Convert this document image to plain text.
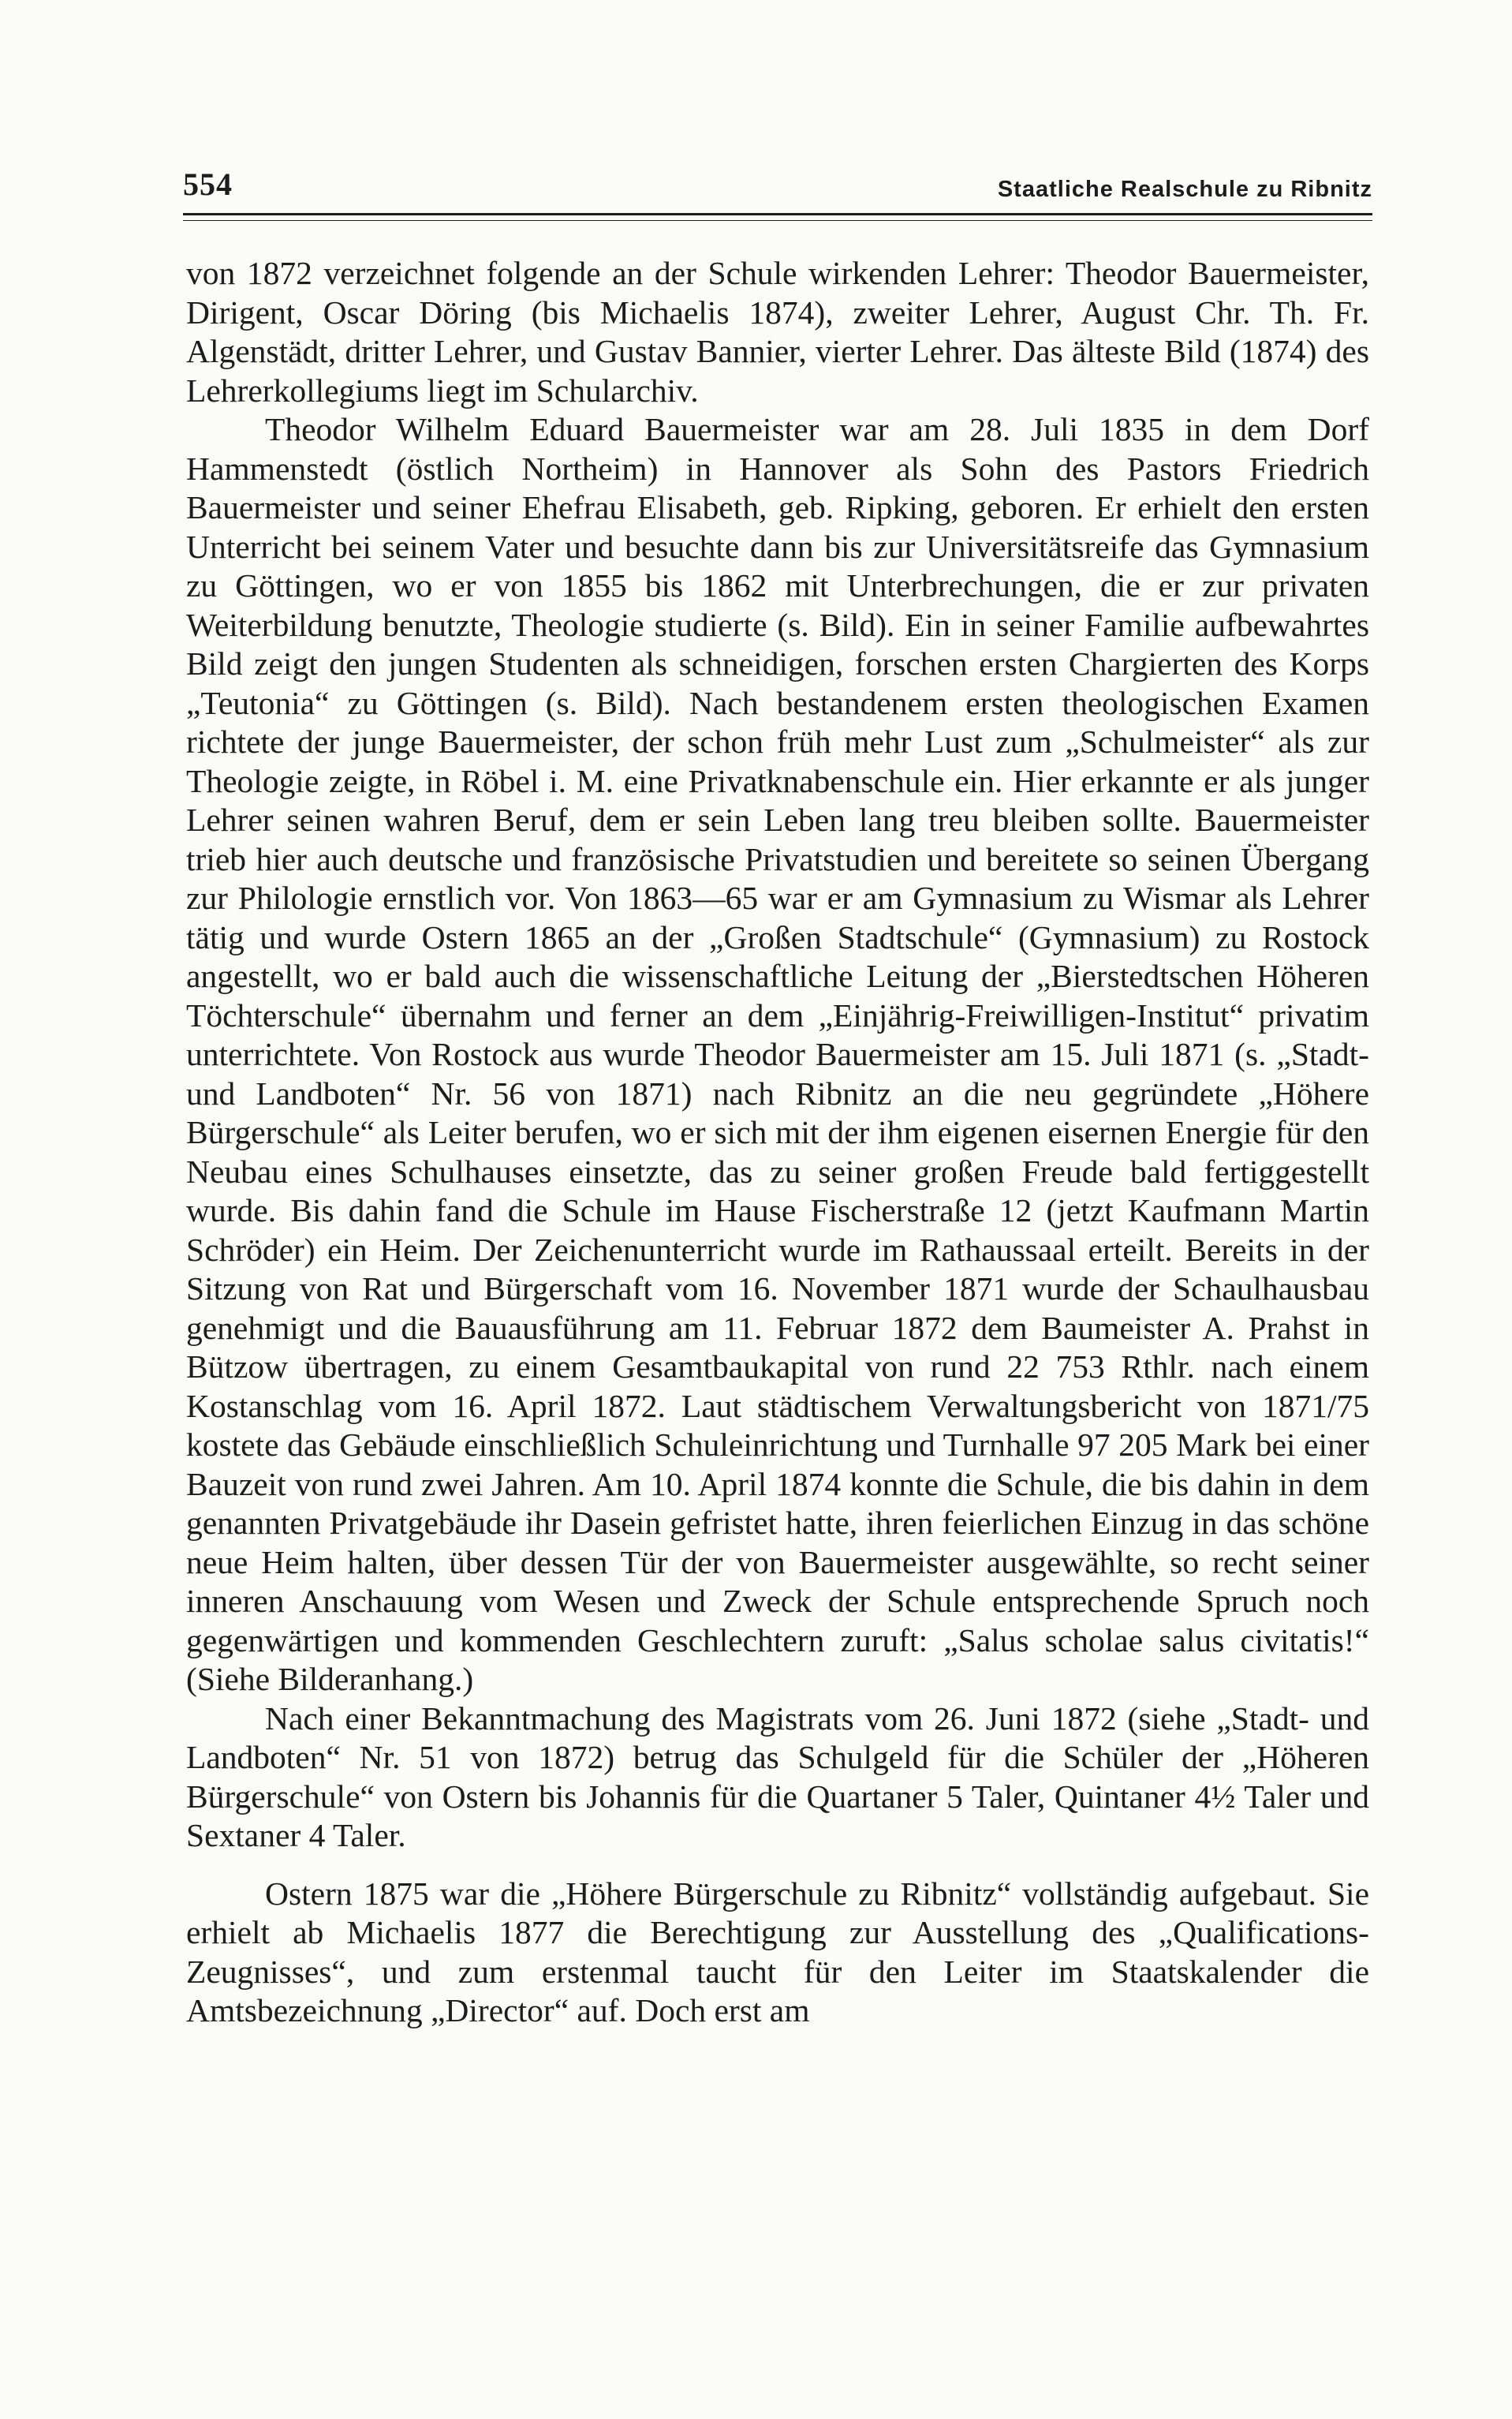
554	Staatliche Realschule zu Ribnitz

von 1872 verzeichnet folgende an der Schule wirkenden Lehrer: Theodor Bauermeister, Dirigent, Oscar Döring (bis Michaelis 1874), zweiter Lehrer, August Chr. Th. Fr. Algenstädt, dritter Lehrer, und Gustav Bannier, vierter Lehrer. Das älteste Bild (1874) des Lehrerkollegiums liegt im Schularchiv.

Theodor Wilhelm Eduard Bauermeister war am 28. Juli 1835 in dem Dorf Hammenstedt (östlich Northeim) in Hannover als Sohn des Pastors Friedrich Bauermeister und seiner Ehefrau Elisabeth, geb. Ripking, geboren. Er erhielt den ersten Unterricht bei seinem Vater und besuchte dann bis zur Universitätsreife das Gymnasium zu Göttingen, wo er von 1855 bis 1862 mit Unterbrechungen, die er zur privaten Weiterbildung benutzte, Theologie studierte (s. Bild). Ein in seiner Familie aufbewahrtes Bild zeigt den jungen Studenten als schneidigen, forschen ersten Chargierten des Korps „Teutonia“ zu Göttingen (s. Bild). Nach bestandenem ersten theologischen Examen richtete der junge Bauermeister, der schon früh mehr Lust zum „Schulmeister“ als zur Theologie zeigte, in Röbel i. M. eine Privatknabenschule ein. Hier erkannte er als junger Lehrer seinen wahren Beruf, dem er sein Leben lang treu bleiben sollte. Bauermeister trieb hier auch deutsche und französische Privatstudien und bereitete so seinen Übergang zur Philologie ernstlich vor. Von 1863—65 war er am Gymnasium zu Wismar als Lehrer tätig und wurde Ostern 1865 an der „Großen Stadtschule“ (Gymnasium) zu Rostock angestellt, wo er bald auch die wissenschaftliche Leitung der „Bierstedtschen Höheren Töchterschule“ übernahm und ferner an dem „Einjährig-Freiwilligen-Institut“ privatim unterrichtete. Von Rostock aus wurde Theodor Bauermeister am 15. Juli 1871 (s. „Stadt- und Landboten“ Nr. 56 von 1871) nach Ribnitz an die neu gegründete „Höhere Bürgerschule“ als Leiter berufen, wo er sich mit der ihm eigenen eisernen Energie für den Neubau eines Schulhauses einsetzte, das zu seiner großen Freude bald fertiggestellt wurde. Bis dahin fand die Schule im Hause Fischerstraße 12 (jetzt Kaufmann Martin Schröder) ein Heim. Der Zeichenunterricht wurde im Rathaussaal erteilt. Bereits in der Sitzung von Rat und Bürgerschaft vom 16. November 1871 wurde der Schaulhausbau genehmigt und die Bauausführung am 11. Februar 1872 dem Baumeister A. Prahst in Bützow übertragen, zu einem Gesamtbaukapital von rund 22 753 Rthlr. nach einem Kostanschlag vom 16. April 1872. Laut städtischem Verwaltungsbericht von 1871/75 kostete das Gebäude einschließlich Schuleinrichtung und Turnhalle 97 205 Mark bei einer Bauzeit von rund zwei Jahren. Am 10. April 1874 konnte die Schule, die bis dahin in dem genannten Privatgebäude ihr Dasein gefristet hatte, ihren feierlichen Einzug in das schöne neue Heim halten, über dessen Tür der von Bauermeister ausgewählte, so recht seiner inneren Anschauung vom Wesen und Zweck der Schule entsprechende Spruch noch gegenwärtigen und kommenden Geschlechtern zuruft: „Salus scholae salus civitatis!“ (Siehe Bilderanhang.)

Nach einer Bekanntmachung des Magistrats vom 26. Juni 1872 (siehe „Stadt- und Landboten“ Nr. 51 von 1872) betrug das Schulgeld für die Schüler der „Höheren Bürgerschule“ von Ostern bis Johannis für die Quartaner 5 Taler, Quintaner 4½ Taler und Sextaner 4 Taler.

Ostern 1875 war die „Höhere Bürgerschule zu Ribnitz“ vollständig aufgebaut. Sie erhielt ab Michaelis 1877 die Berechtigung zur Ausstellung des „Qualifications-Zeugnisses“, und zum erstenmal taucht für den Leiter im Staatskalender die Amtsbezeichnung „Director“ auf. Doch erst am
